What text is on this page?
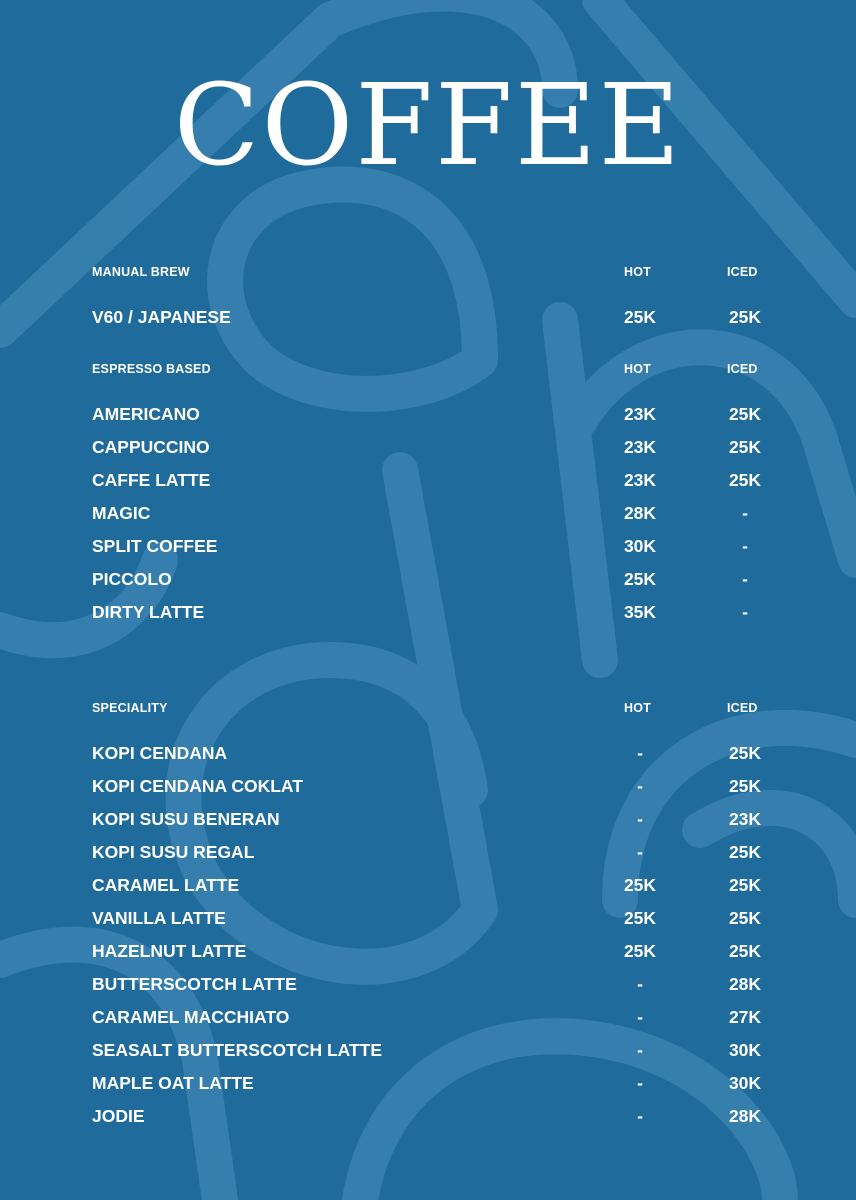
COFFEE
MANUAL BREW	HOT	ICED
V60 / JAPANESE	25K	25K
ESPRESSO BASED	HOT	ICED
AMERICANO	23K	25K
CAPPUCCINO	23K	25K
CAFFE LATTE	23K	25K
MAGIC	28K	-
SPLIT COFFEE	30K	-
PICCOLO	25K	-
DIRTY LATTE	35K	-
SPECIALITY	HOT	ICED
KOPI CENDANA	-	25K
KOPI CENDANA COKLAT	-	25K
KOPI SUSU BENERAN	-	23K
KOPI SUSU REGAL	-	25K
CARAMEL LATTE	25K	25K
VANILLA LATTE	25K	25K
HAZELNUT LATTE	25K	25K
BUTTERSCOTCH LATTE	-	28K
CARAMEL MACCHIATO	-	27K
SEASALT BUTTERSCOTCH LATTE	-	30K
MAPLE OAT LATTE	-	30K
JODIE	-	28K
